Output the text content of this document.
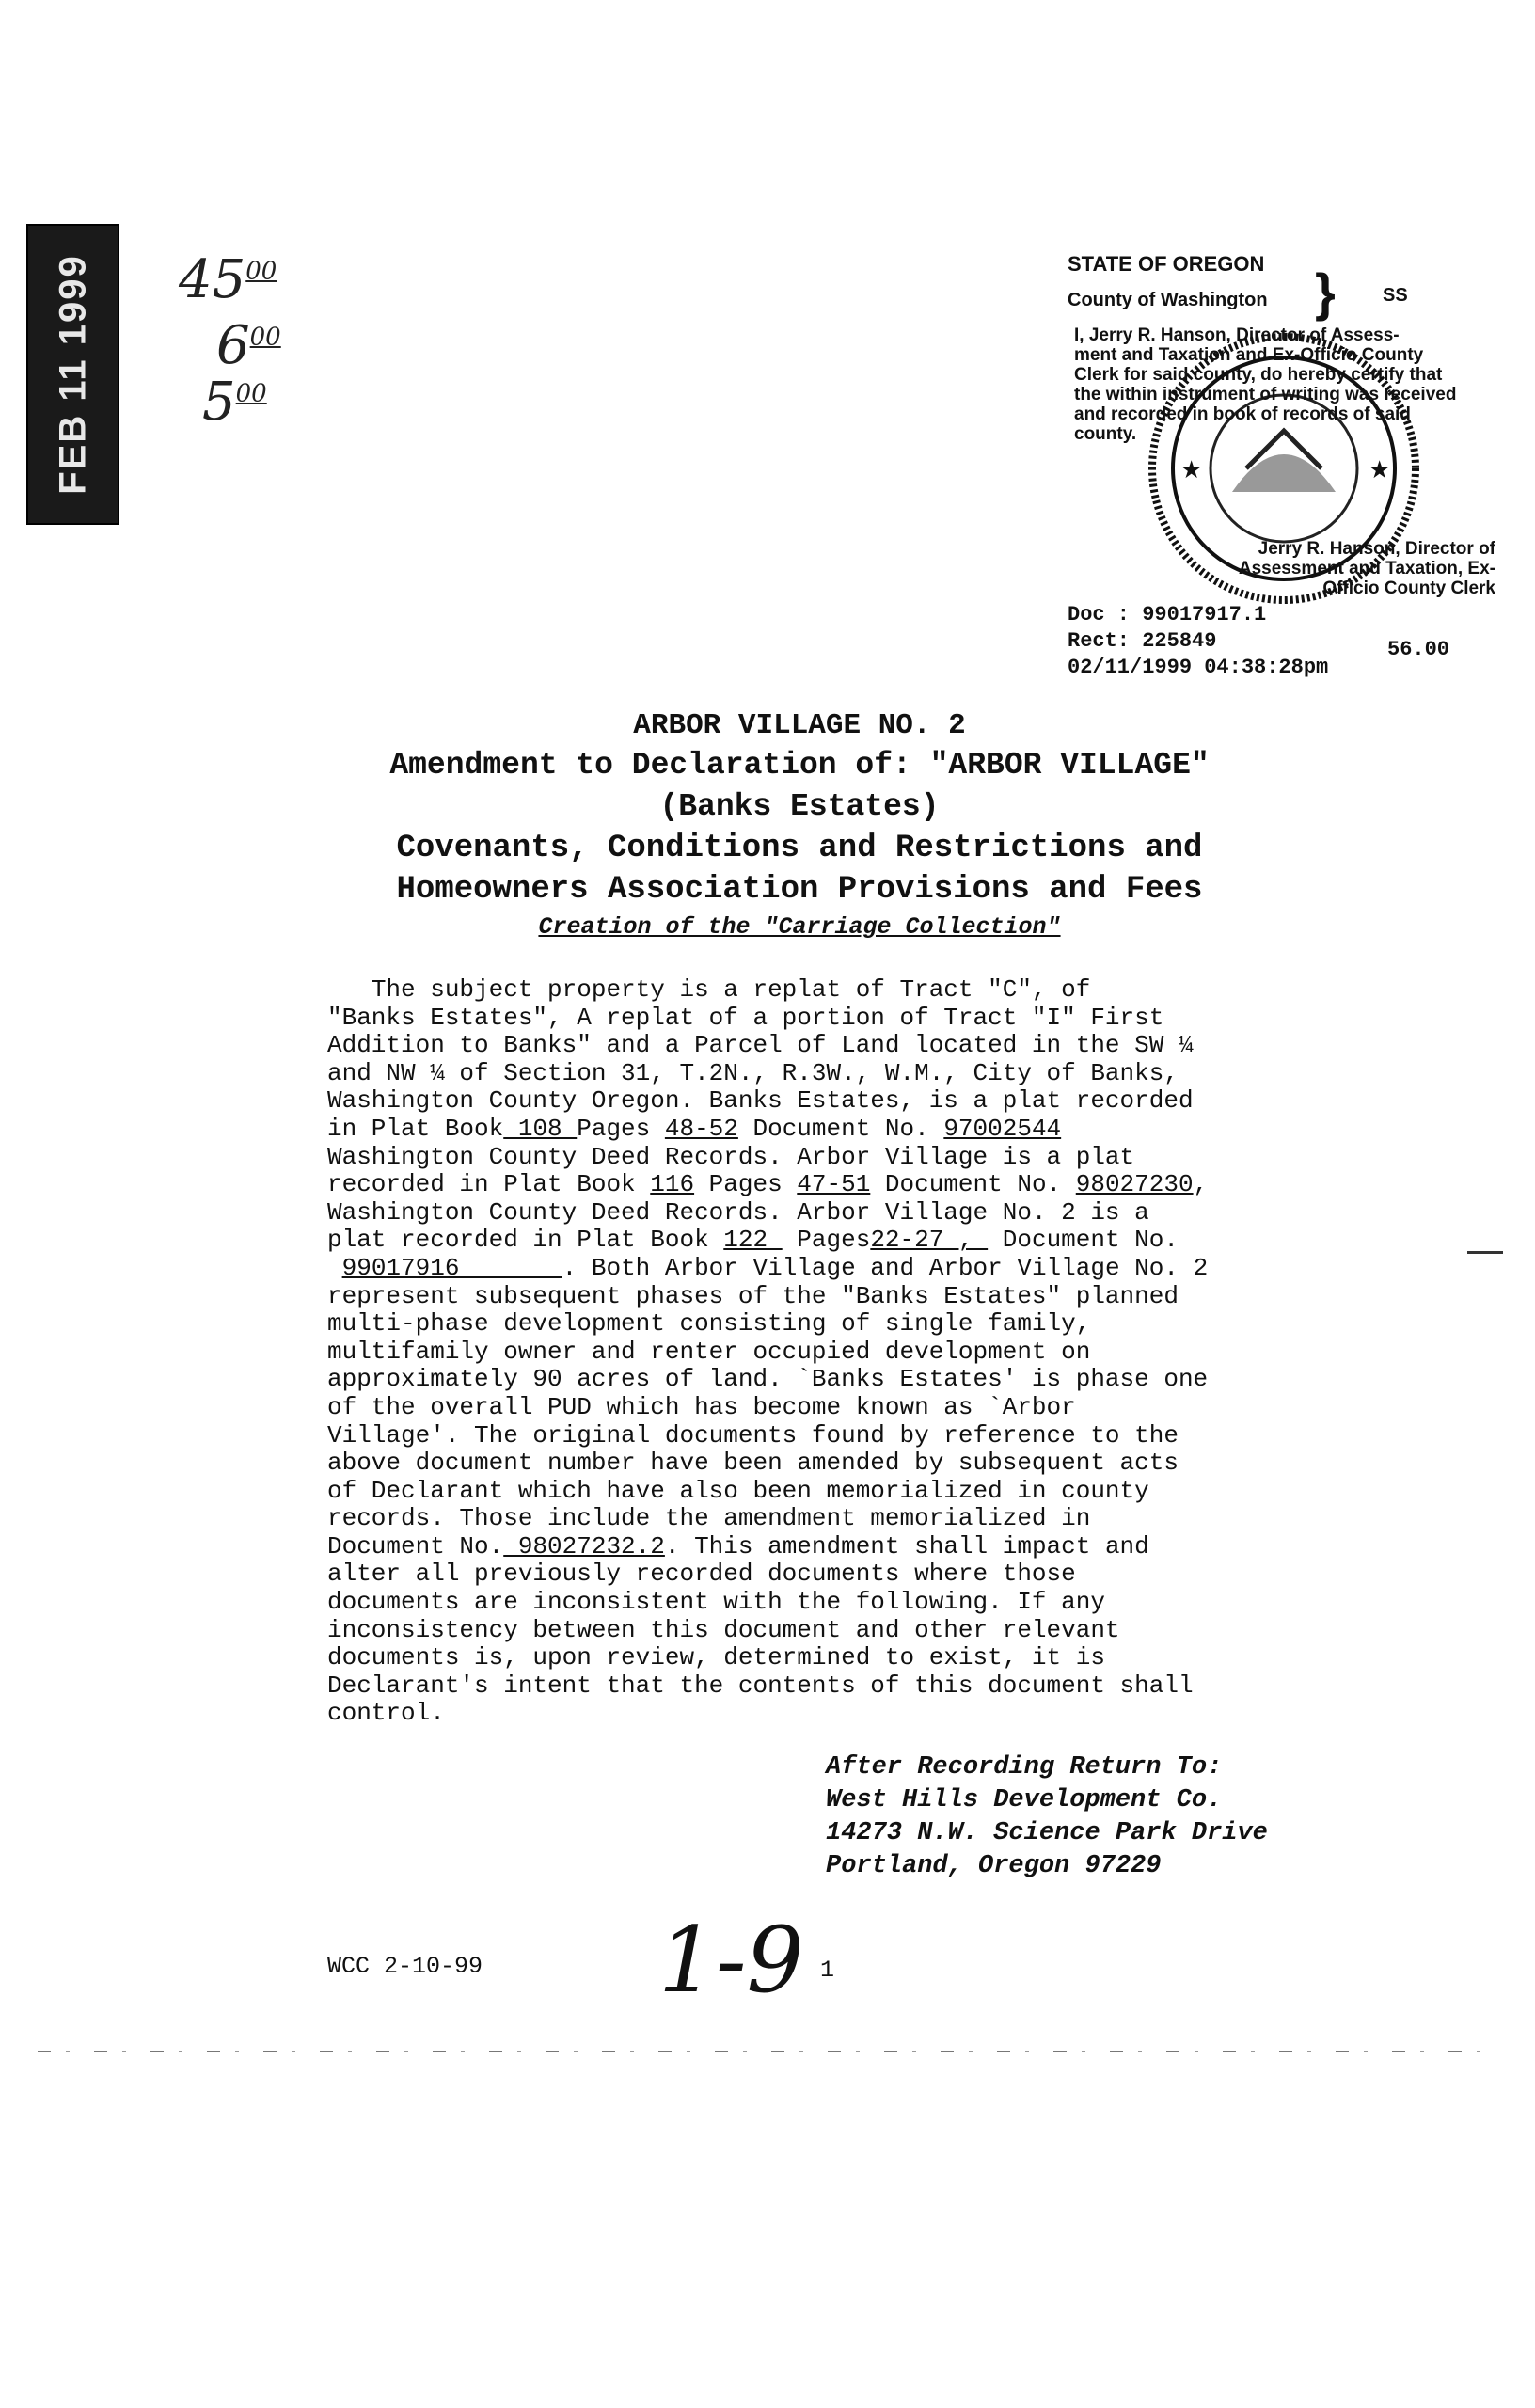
FEB 11 1999 $45^{00}$
$6^{00}$
$5^{00}$
STATE OF OREGON
County of Washington }	SS
★	★
I, Jerry R. Hanson, Director of Assess-
ment and Taxation and Ex-Officio County
Clerk for said county, do hereby certify that
the within instrument of writing was received
and recorded in book of records of said
county.
Jerry R. Hanson, Director of
Assessment and Taxation, Ex-
Officio County Clerk
Doc : 99017917.1
Rect: 225849
02/11/1999 04:38:28pm
56.00
ARBOR VILLAGE NO. 2
Amendment to Declaration of: "ARBOR VILLAGE"
(Banks Estates)
Covenants, Conditions and Restrictions and
Homeowners Association Provisions and Fees
Creation of the "Carriage Collection"
The subject property is a replat of Tract "C", of
"Banks Estates", A replat of a portion of Tract "I" First
Addition to Banks" and a Parcel of Land located in the SW ¼
and NW ¼ of Section 31, T.2N., R.3W., W.M., City of Banks,
Washington County Oregon. Banks Estates, is a plat recorded
in Plat Book 108 Pages 48-52 Document No. 97002544
Washington County Deed Records. Arbor Village is a plat
recorded in Plat Book 116 Pages 47-51 Document No. 98027230,
Washington County Deed Records. Arbor Village No. 2 is a
plat recorded in Plat Book 122  Pages22-27 ,  Document No.
99017916       . Both Arbor Village and Arbor Village No. 2
represent subsequent phases of the "Banks Estates" planned
multi-phase development consisting of single family,
multifamily owner and renter occupied development on
approximately 90 acres of land. `Banks Estates' is phase one
of the overall PUD which has become known as `Arbor
Village'. The original documents found by reference to the
above document number have been amended by subsequent acts
of Declarant which have also been memorialized in county
records. Those include the amendment memorialized in
Document No. 98027232.2. This amendment shall impact and
alter all previously recorded documents where those
documents are inconsistent with the following. If any
inconsistency between this document and other relevant
documents is, upon review, determined to exist, it is
Declarant's intent that the contents of this document shall
control.
After Recording Return To:
West Hills Development Co.
14273 N.W. Science Park Drive
Portland, Oregon 97229
WCC 2-10-99 1-9 1
